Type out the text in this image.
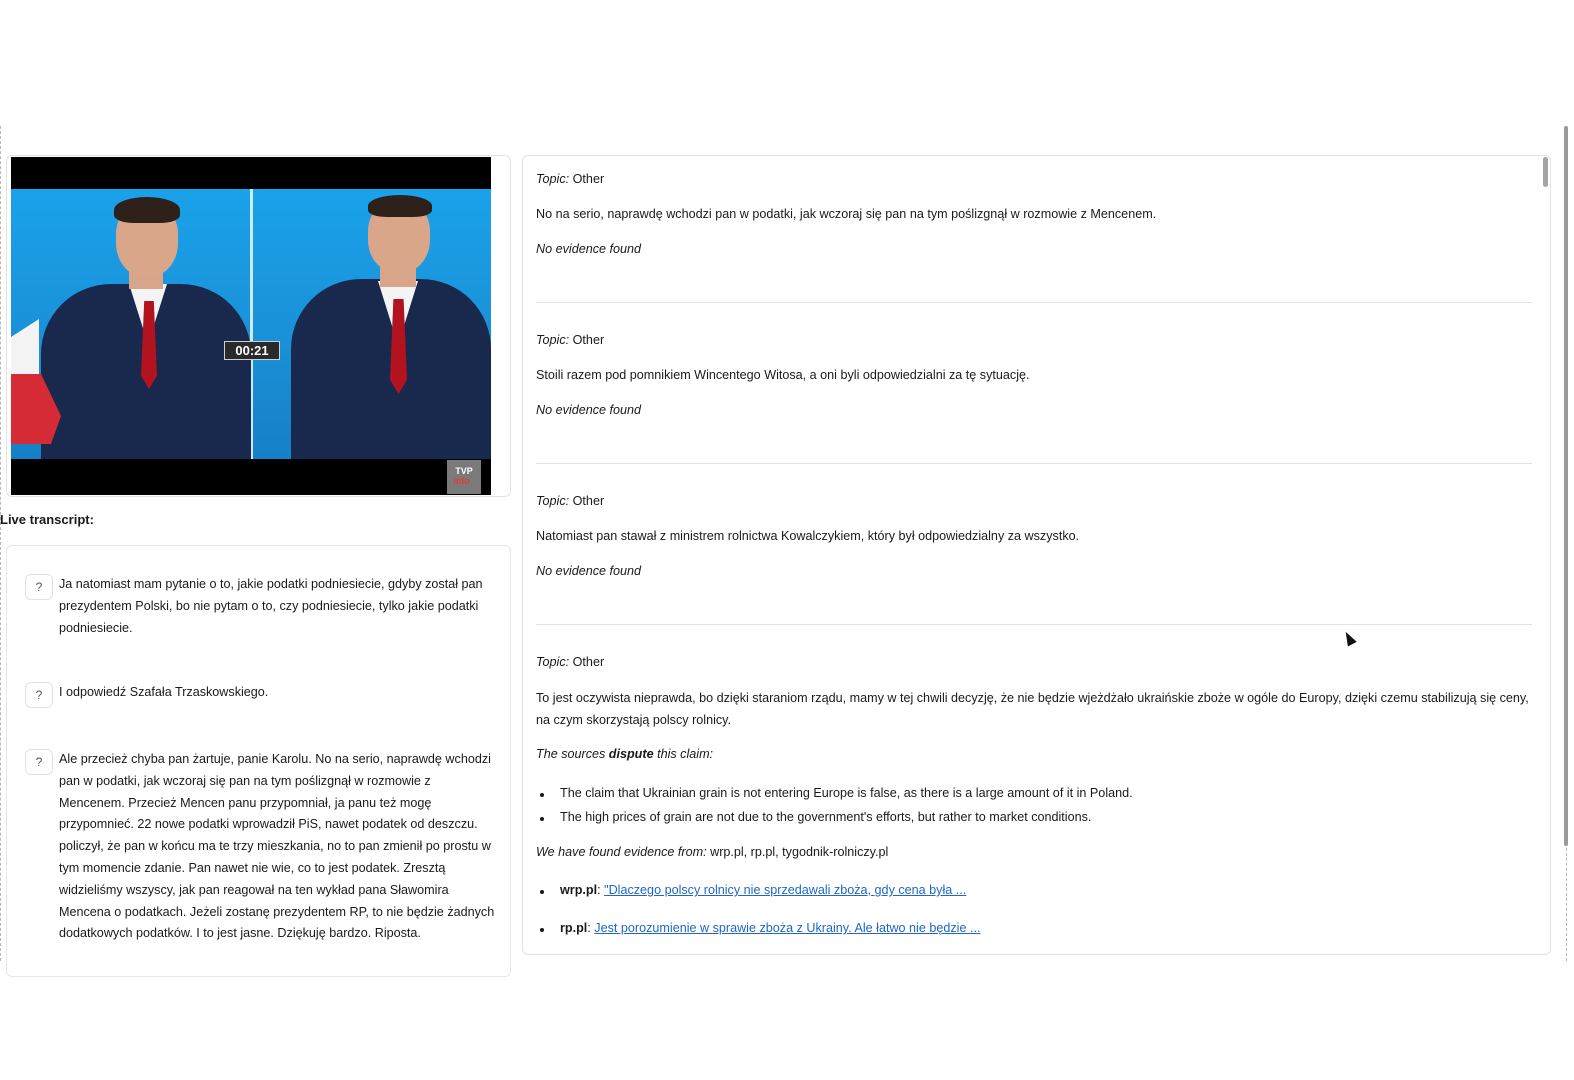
00:21
TVP
info_
Live transcript:
?	Ja natomiast mam pytanie o to, jakie podatki podniesiecie, gdyby został pan prezydentem Polski, bo nie pytam o to, czy podniesiecie, tylko jakie podatki podniesiecie.
?	I odpowiedź Szafała Trzaskowskiego.
?	Ale przecież chyba pan żartuje, panie Karolu. No na serio, naprawdę wchodzi pan w podatki, jak wczoraj się pan na tym poślizgnął w rozmowie z Mencenem. Przecież Mencen panu przypomniał, ja panu też mogę przypomnieć. 22 nowe podatki wprowadził PiS, nawet podatek od deszczu. policzył, że pan w końcu ma te trzy mieszkania, no to pan zmienił po prostu w tym momencie zdanie. Pan nawet nie wie, co to jest podatek. Zresztą widzieliśmy wszyscy, jak pan reagował na ten wykład pana Sławomira Mencena o podatkach. Jeżeli zostanę prezydentem RP, to nie będzie żadnych dodatkowych podatków. I to jest jasne. Dziękuję bardzo. Riposta.
Topic: Other
No na serio, naprawdę wchodzi pan w podatki, jak wczoraj się pan na tym poślizgnął w rozmowie z Mencenem.
No evidence found
Topic: Other
Stoili razem pod pomnikiem Wincentego Witosa, a oni byli odpowiedzialni za tę sytuację.
No evidence found
Topic: Other
Natomiast pan stawał z ministrem rolnictwa Kowalczykiem, który był odpowiedzialny za wszystko.
No evidence found
Topic: Other
To jest oczywista nieprawda, bo dzięki staraniom rządu, mamy w tej chwili decyzję, że nie będzie wjeżdżało ukraińskie zboże w ogóle do Europy, dzięki czemu stabilizują się ceny, na czym skorzystają polscy rolnicy.
The sources dispute this claim:
The claim that Ukrainian grain is not entering Europe is false, as there is a large amount of it in Poland.
The high prices of grain are not due to the government's efforts, but rather to market conditions.
We have found evidence from: wrp.pl, rp.pl, tygodnik-rolniczy.pl
wrp.pl: "Dlaczego polscy rolnicy nie sprzedawali zboża, gdy cena była ...
rp.pl: Jest porozumienie w sprawie zboża z Ukrainy. Ale łatwo nie będzie ...
